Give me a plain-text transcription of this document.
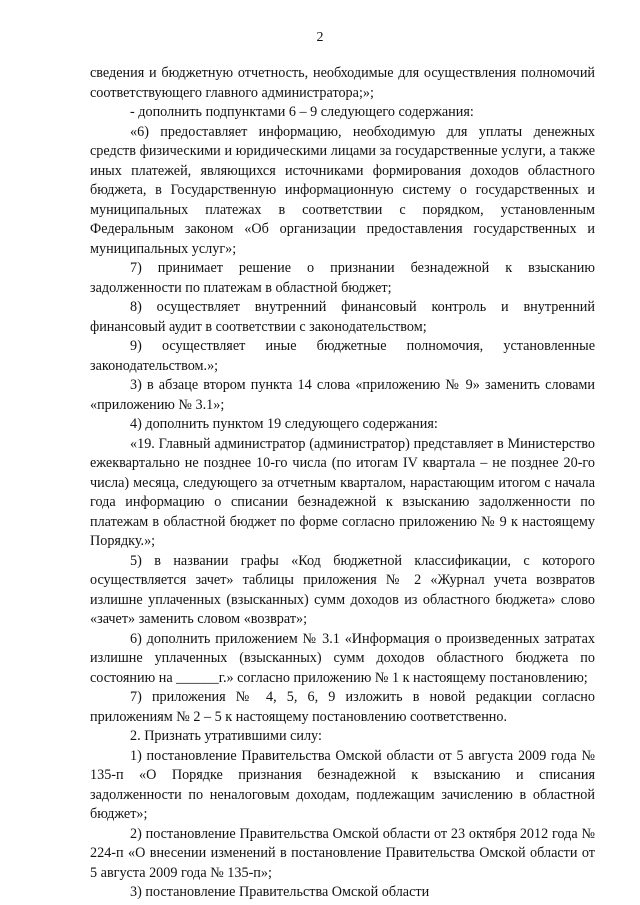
2

сведения и бюджетную отчетность, необходимые для осуществления полномочий соответствующего главного администратора;»;

- дополнить подпунктами 6 – 9 следующего содержания:

«6) предоставляет информацию, необходимую для уплаты денежных средств физическими и юридическими лицами за государственные услуги, а также иных платежей, являющихся источниками формирования доходов областного бюджета, в Государственную информационную систему о государственных и муниципальных платежах в соответствии с порядком, установленным Федеральным законом «Об организации предоставления государственных и муниципальных услуг»;

7) принимает решение о признании безнадежной к взысканию задолженности по платежам в областной бюджет;

8) осуществляет внутренний финансовый контроль и внутренний финансовый аудит в соответствии с законодательством;

9) осуществляет иные бюджетные полномочия, установленные законодательством.»;

3) в абзаце втором пункта 14 слова «приложению № 9» заменить словами «приложению № 3.1»;

4) дополнить пунктом 19 следующего содержания:

«19. Главный администратор (администратор) представляет в Министерство ежеквартально не позднее 10-го числа (по итогам IV квартала – не позднее 20-го числа) месяца, следующего за отчетным кварталом, нарастающим итогом с начала года информацию о списании безнадежной к взысканию задолженности по платежам в областной бюджет по форме согласно приложению № 9 к настоящему Порядку.»;

5) в названии графы «Код бюджетной классификации, с которого осуществляется зачет» таблицы приложения № 2 «Журнал учета возвратов излишне уплаченных (взысканных) сумм доходов из областного бюджета» слово «зачет» заменить словом «возврат»;

6) дополнить приложением № 3.1 «Информация о произведенных затратах излишне уплаченных (взысканных) сумм доходов областного бюджета по состоянию на ______г.» согласно приложению № 1 к настоящему постановлению;

7) приложения № 4, 5, 6, 9 изложить в новой редакции согласно приложениям № 2 – 5 к настоящему постановлению соответственно.

2. Признать утратившими силу:

1) постановление Правительства Омской области от 5 августа 2009 года № 135-п «О Порядке признания безнадежной к взысканию и списания задолженности по неналоговым доходам, подлежащим зачислению в областной бюджет»;

2) постановление Правительства Омской области от 23 октября 2012 года № 224-п «О внесении изменений в постановление Правительства Омской области от 5 августа 2009 года № 135-п»;

3) постановление Правительства Омской области
